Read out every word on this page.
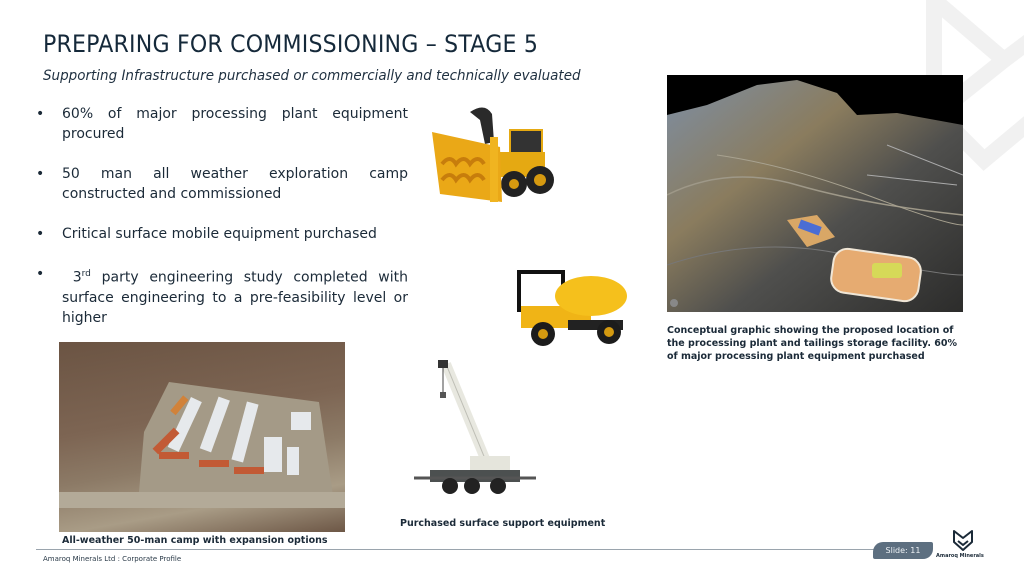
PREPARING FOR COMMISSIONING – STAGE 5
Supporting Infrastructure purchased or commercially and technically evaluated
• 60% of major processing plant equipment procured
• 50 man all weather exploration camp constructed and commissioned
• Critical surface mobile equipment purchased
• 3rd party engineering study completed with surface engineering to a pre-feasibility level or higher
Conceptual graphic showing the proposed location of the processing plant and tailings storage facility. 60% of major processing plant equipment purchased
Purchased surface support equipment
All-weather 50-man camp with expansion options
Amaroq Minerals Ltd : Corporate Profile
Slide: 11
Amaroq Minerals
